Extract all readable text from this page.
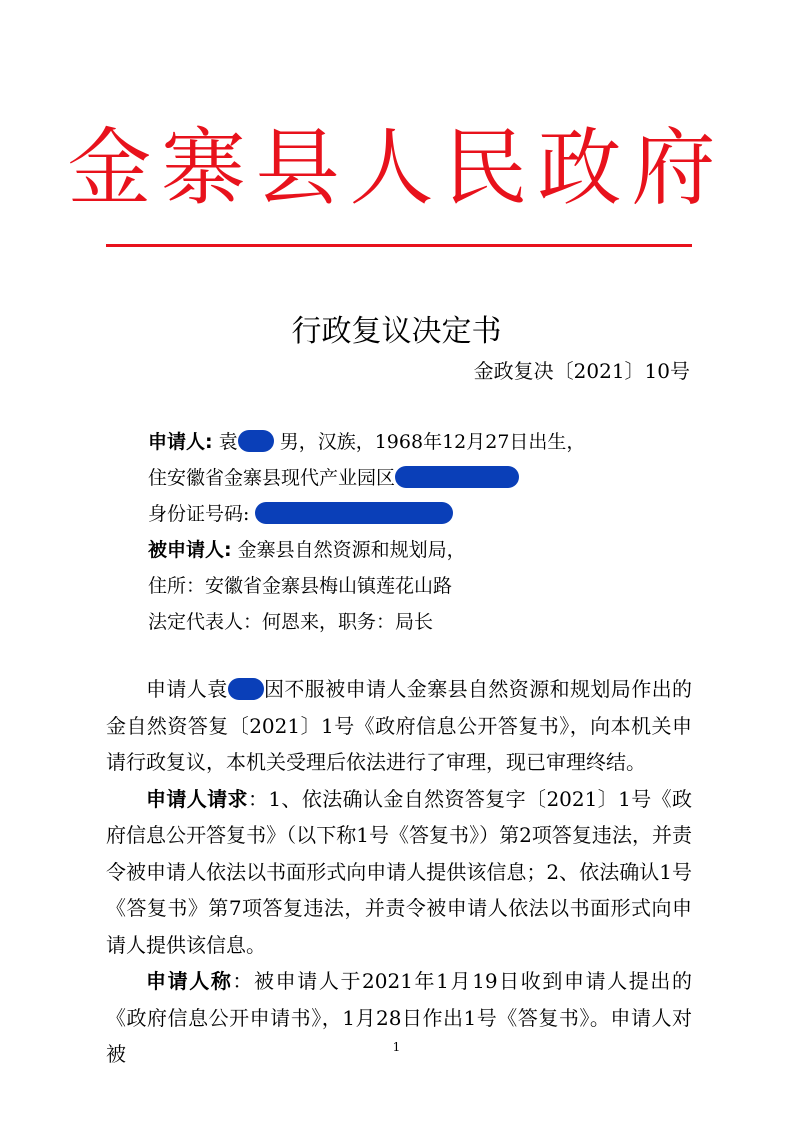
金寨县人民政府
行政复议决定书
金政复决〔2021〕10号
申请人: 袁 男，汉族，1968年12月27日出生，
住安徽省金寨县现代产业园区
身份证号码:
被申请人: 金寨县自然资源和规划局，
住所：安徽省金寨县梅山镇莲花山路
法定代表人：何恩来，职务：局长

申请人袁 因不服被申请人金寨县自然资源和规划局作出的金自然资答复〔2021〕1号《政府信息公开答复书》，向本机关申请行政复议，本机关受理后依法进行了审理，现已审理终结。

申请人请求：1、依法确认金自然资答复字〔2021〕1号《政府信息公开答复书》（以下称1号《答复书》）第2项答复违法，并责令被申请人依法以书面形式向申请人提供该信息；2、依法确认1号《答复书》第7项答复违法，并责令被申请人依法以书面形式向申请人提供该信息。

申请人称：被申请人于2021年1月19日收到申请人提出的《政府信息公开申请书》，1月28日作出1号《答复书》。申请人对被	1
